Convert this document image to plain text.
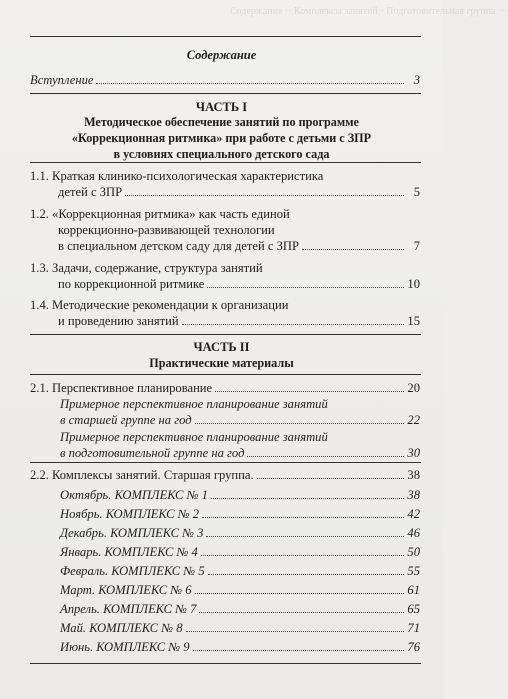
Содержание ·· Комплексы занятий · Подготовительная группа ···
Содержание
Вступление	3
ЧАСТЬ I
Методическое обеспечение занятий по программе
«Коррекционная ритмика» при работе с детьми с ЗПР
в условиях специального детского сада
1.1. Краткая клинико-психологическая характеристика
детей с ЗПР	5
1.2. «Коррекционная ритмика» как часть единой
коррекционно-развивающей технологии
в специальном детском саду для детей с ЗПР	7
1.3. Задачи, содержание, структура занятий
по коррекционной ритмике	10
1.4. Методические рекомендации к организации
и проведению занятий	15
ЧАСТЬ II
Практические материалы
2.1. Перспективное планирование	20
Примерное перспективное планирование занятий
в старшей группе на год	22
Примерное перспективное планирование занятий
в подготовительной группе на год	30
2.2. Комплексы занятий. Старшая группа.	38
Октябрь. КОМПЛЕКС № 1	38
Ноябрь. КОМПЛЕКС № 2	42
Декабрь. КОМПЛЕКС № 3	46
Январь. КОМПЛЕКС № 4	50
Февраль. КОМПЛЕКС № 5	55
Март. КОМПЛЕКС № 6	61
Апрель. КОМПЛЕКС № 7	65
Май. КОМПЛЕКС № 8	71
Июнь. КОМПЛЕКС № 9	76
